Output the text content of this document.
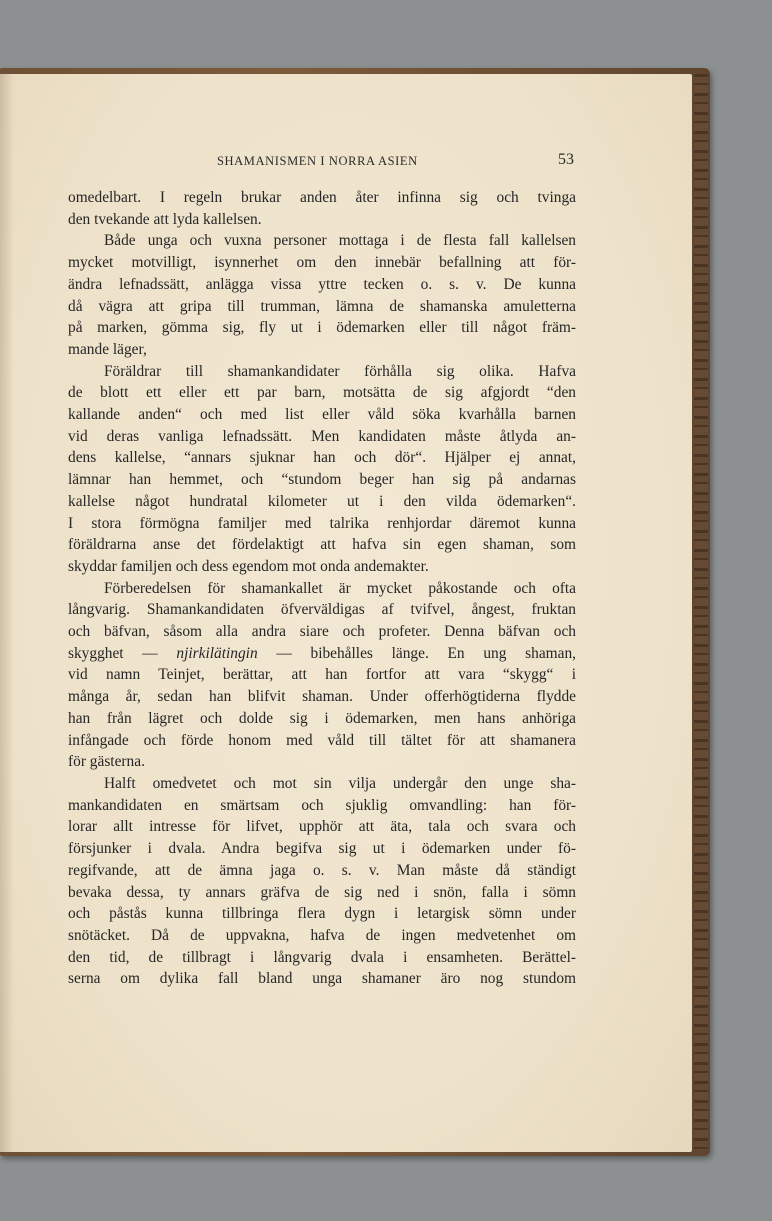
SHAMANISMEN I NORRA ASIEN	53

omedelbart. I regeln brukar anden åter infinna sig och tvinga

den tvekande att lyda kallelsen.

Både unga och vuxna personer mottaga i de flesta fall kallelsen

mycket motvilligt, isynnerhet om den innebär befallning att för-

ändra lefnadssätt, anlägga vissa yttre tecken o. s. v. De kunna

då vägra att gripa till trumman, lämna de shamanska amuletterna

på marken, gömma sig, fly ut i ödemarken eller till något främ-

mande läger,

Föräldrar till shamankandidater förhålla sig olika. Hafva

de blott ett eller ett par barn, motsätta de sig afgjordt “den

kallande anden“ och med list eller våld söka kvarhålla barnen

vid deras vanliga lefnadssätt. Men kandidaten måste åtlyda an-

dens kallelse, “annars sjuknar han och dör“. Hjälper ej annat,

lämnar han hemmet, och “stundom beger han sig på andarnas

kallelse något hundratal kilometer ut i den vilda ödemarken“.

I stora förmögna familjer med talrika renhjordar däremot kunna

föräldrarna anse det fördelaktigt att hafva sin egen shaman, som

skyddar familjen och dess egendom mot onda andemakter.

Förberedelsen för shamankallet är mycket påkostande och ofta

långvarig. Shamankandidaten öfverväldigas af tvifvel, ångest, fruktan

och bäfvan, såsom alla andra siare och profeter. Denna bäfvan och

skygghet — njirkilätingin — bibehålles länge. En ung shaman,

vid namn Teinjet, berättar, att han fortfor att vara “skygg“ i

många år, sedan han blifvit shaman. Under offerhögtiderna flydde

han från lägret och dolde sig i ödemarken, men hans anhöriga

infångade och förde honom med våld till tältet för att shamanera

för gästerna.

Halft omedvetet och mot sin vilja undergår den unge sha-

mankandidaten en smärtsam och sjuklig omvandling: han för-

lorar allt intresse för lifvet, upphör att äta, tala och svara och

försjunker i dvala. Andra begifva sig ut i ödemarken under fö-

regifvande, att de ämna jaga o. s. v. Man måste då ständigt

bevaka dessa, ty annars gräfva de sig ned i snön, falla i sömn

och påstås kunna tillbringa flera dygn i letargisk sömn under

snötäcket. Då de uppvakna, hafva de ingen medvetenhet om

den tid, de tillbragt i långvarig dvala i ensamheten. Berättel-

serna om dylika fall bland unga shamaner äro nog stundom
